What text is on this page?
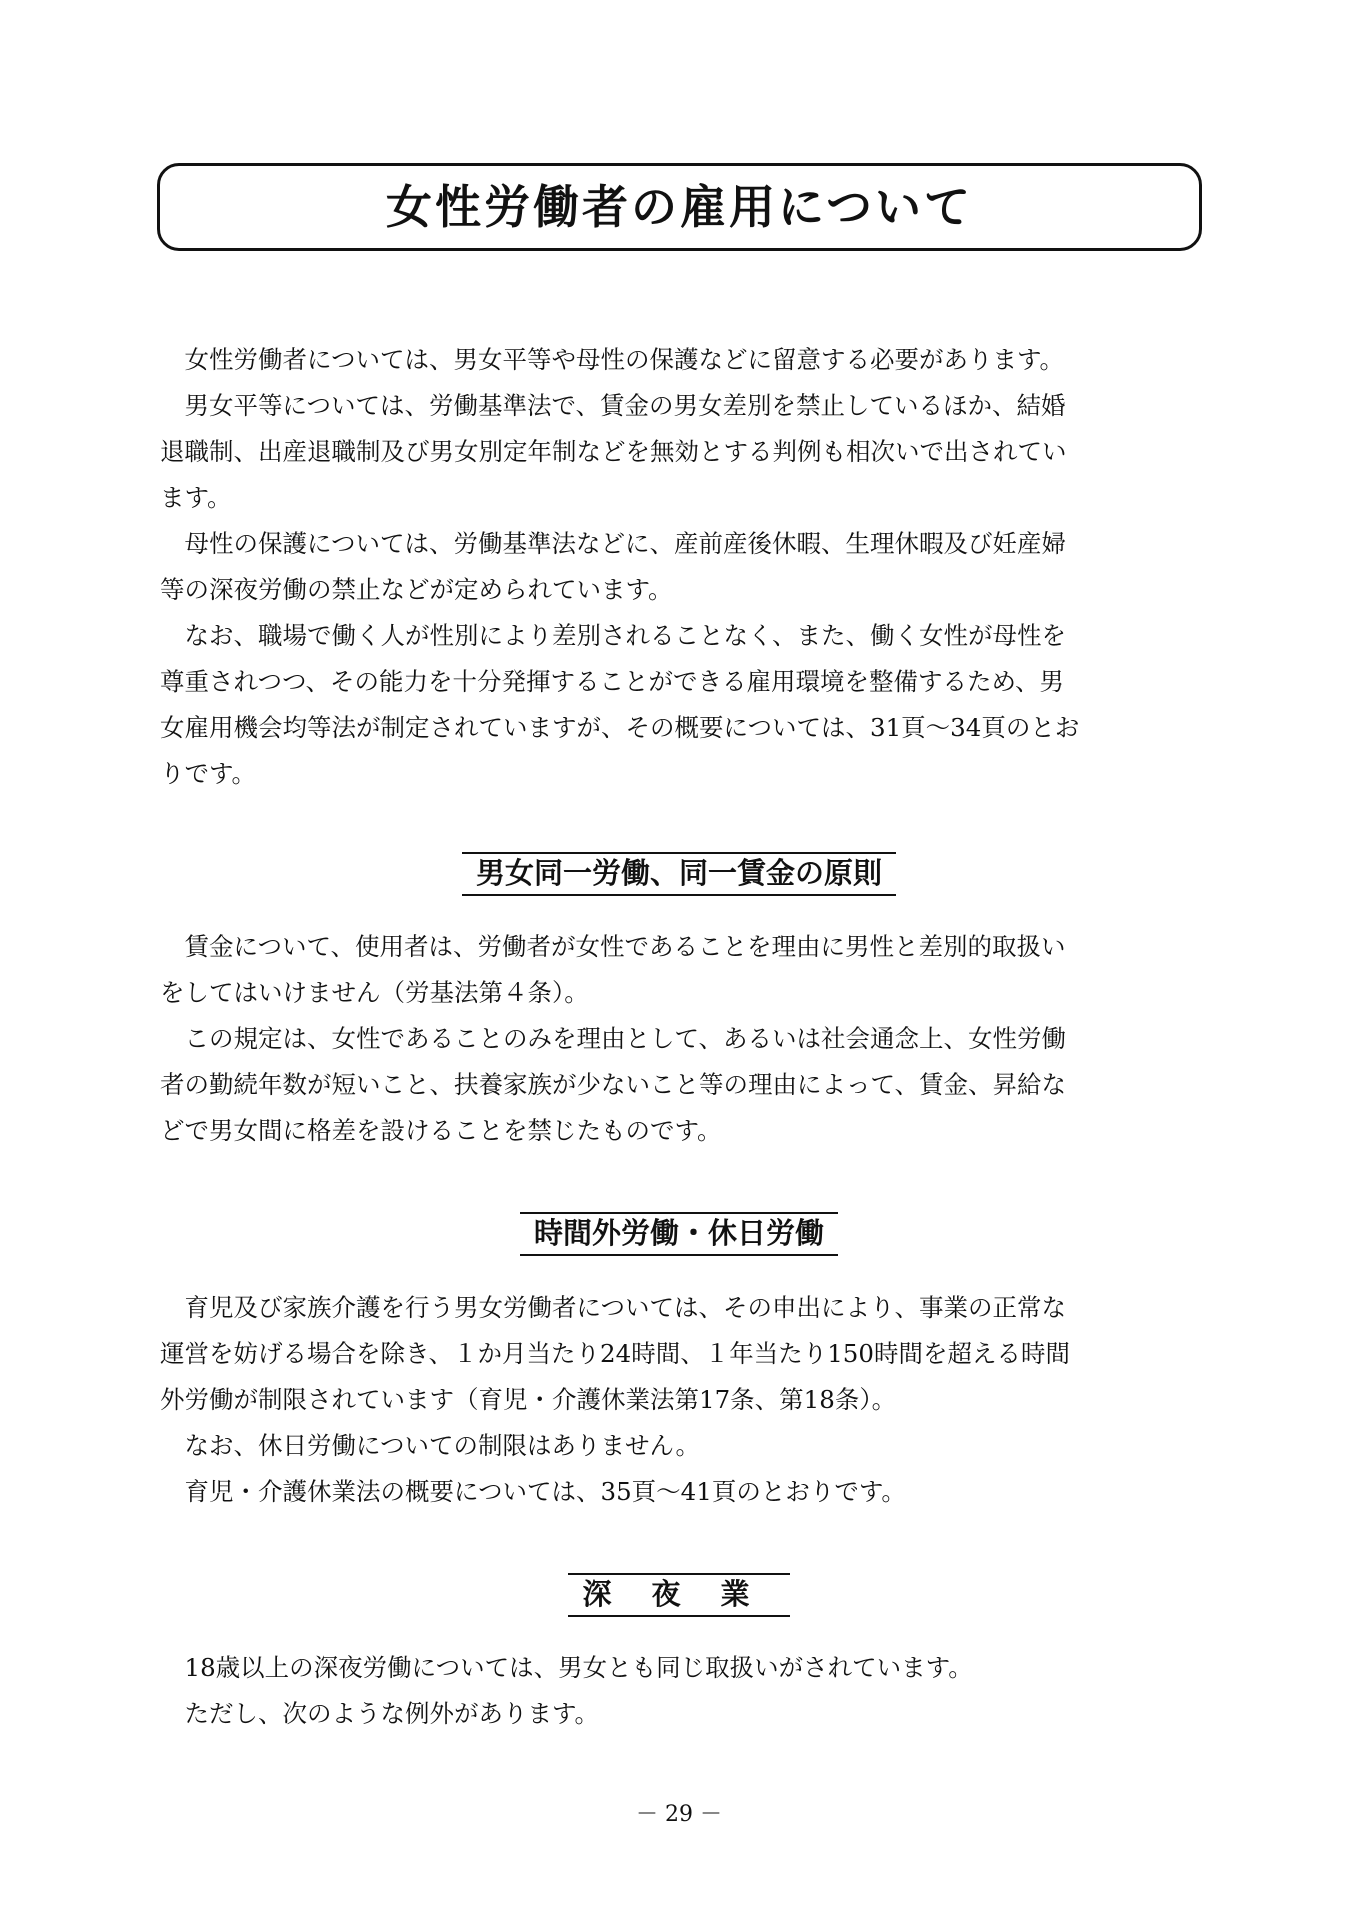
女性労働者の雇用について

　女性労働者については、男女平等や母性の保護などに留意する必要があります。
　男女平等については、労働基準法で、賃金の男女差別を禁止しているほか、結婚
退職制、出産退職制及び男女別定年制などを無効とする判例も相次いで出されてい
ます。
　母性の保護については、労働基準法などに、産前産後休暇、生理休暇及び妊産婦
等の深夜労働の禁止などが定められています。
　なお、職場で働く人が性別により差別されることなく、また、働く女性が母性を
尊重されつつ、その能力を十分発揮することができる雇用環境を整備するため、男
女雇用機会均等法が制定されていますが、その概要については、31頁～34頁のとお
りです。

男女同一労働、同一賃金の原則

　賃金について、使用者は、労働者が女性であることを理由に男性と差別的取扱い
をしてはいけません（労基法第４条）。
　この規定は、女性であることのみを理由として、あるいは社会通念上、女性労働
者の勤続年数が短いこと、扶養家族が少ないこと等の理由によって、賃金、昇給な
どで男女間に格差を設けることを禁じたものです。

時間外労働・休日労働

　育児及び家族介護を行う男女労働者については、その申出により、事業の正常な
運営を妨げる場合を除き、１か月当たり24時間、１年当たり150時間を超える時間
外労働が制限されています（育児・介護休業法第17条、第18条）。
　なお、休日労働についての制限はありません。
　育児・介護休業法の概要については、35頁～41頁のとおりです。

深夜業

　18歳以上の深夜労働については、男女とも同じ取扱いがされています。
　ただし、次のような例外があります。

－ 29 －
